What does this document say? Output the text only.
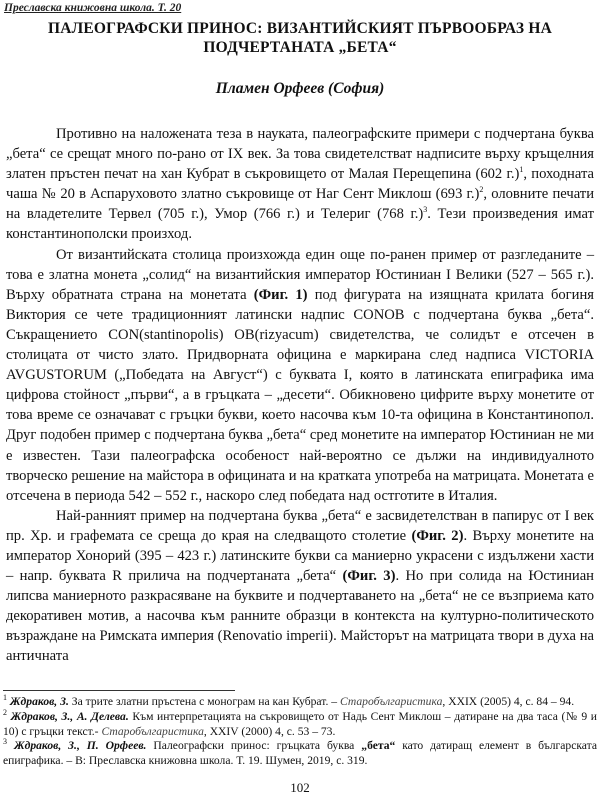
Преславска книжовна школа. Т. 20
ПАЛЕОГРАФСКИ ПРИНОС: ВИЗАНТИЙСКИЯТ ПЪРВООБРАЗ НА
ПОДЧЕРТАНАТА „БЕТА“
Пламен Орфеев (София)

Противно на наложената теза в науката, палеографските примери с подчертана буква „бета“ се срещат много по-рано от IX век. За това свидетелстват надписите върху кръщелния златен пръстен печат на хан Кубрат в съкровището от Малая Перещепина (602 г.)$^1$, походната чаша № 20 в Аспаруховото златно съкровище от Наг Сент Миклош (693 г.)$^2$, оловните печати на владетелите Тервел (705 г.), Умор (766 г.) и Телериг (768 г.)$^3$. Тези произведения имат константинополски произход.

От византийската столица произхожда един още по-ранен пример от разгледаните – това е златна монета „солид“ на византийския император Юстиниан I Велики (527 – 565 г.). Върху обратната страна на монетата (Фиг. 1) под фигурата на изящната крилата богиня Виктория се чете традиционният латински надпис CONOB с подчертана буква „бета“. Съкращението CON(stantinopolis) OB(rizyacum) свидетелства, че солидът е отсечен в столицата от чисто злато. Придворната официна е маркирана след надписа VICTORIA AVGUSTORUM („Победата на Август“) с буквата I, която в латинската епиграфика има цифрова стойност „първи“, а в гръцката – „десети“. Обикновено цифрите върху монетите от това време се означават с гръцки букви, което насочва към 10-та официна в Константинопол. Друг подобен пример с подчертана буква „бета“ сред монетите на император Юстиниан не ми е известен. Тази палеографска особеност най-вероятно се дължи на индивидуалното творческо решение на майстора в официната и на кратката употреба на матрицата. Монетата е отсечена в периода 542 – 552 г., наскоро след победата над остготите в Италия.

Най-ранният пример на подчертана буква „бета“ е засвидетелстван в папирус от I век пр. Хр. и графемата се среща до края на следващото столетие (Фиг. 2). Върху монетите на император Хонорий (395 – 423 г.) латинските букви са маниерно украсени с издължени хасти – напр. буквата R прилича на подчертаната „бета“ (Фиг. 3). Но при солида на Юстиниан липсва маниерното разкрасяване на буквите и подчертаването на „бета“ не се възприема като декоративен мотив, а насочва към ранните образци в контекста на културно-политическото възраждане на Римската империя (Renovatio imperii). Майсторът на матрицата твори в духа на античната

$^1$ Ждраков, З. За трите златни пръстена с монограм на кан Кубрат. – Старобългаристика, XXIX (2005) 4, с. 84 – 94.

$^2$ Ждраков, З., А. Делева. Към интерпретацията на съкровището от Надь Сент Миклош – датиране на два таса (№ 9 и 10) с гръцки текст.- Старобългаристика, XXIV (2000) 4, с. 53 – 73.

$^3$ Ждраков, З., П. Орфеев. Палеографски принос: гръцката буква „бета“ като датиращ елемент в българската епиграфика. – В: Преславска книжовна школа. Т. 19. Шумен, 2019, с. 319.

102
